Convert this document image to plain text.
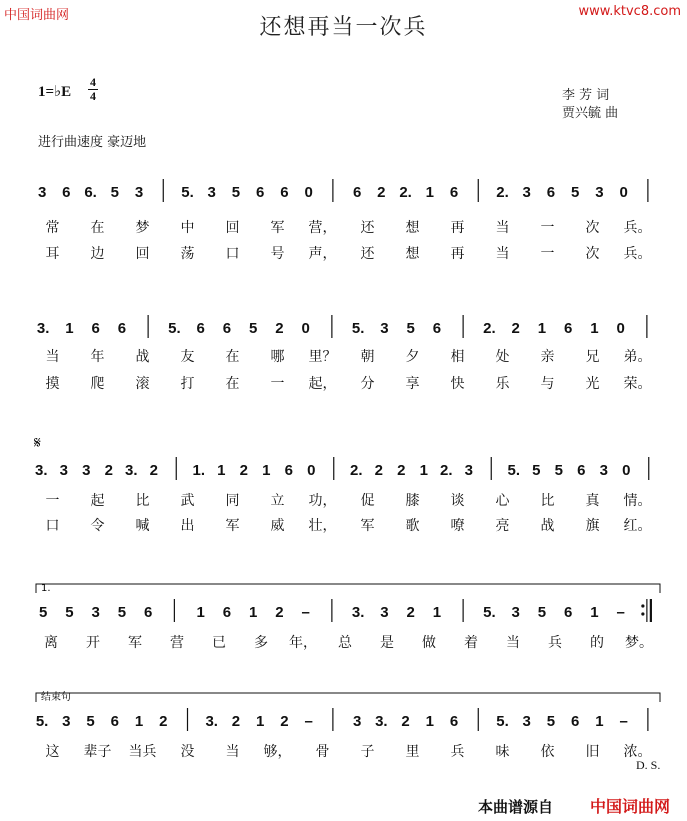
中国词曲网	www.ktvc8.com
还想再当一次兵
1=♭E
4
4	李 芳 词
贾兴毓 曲
进行曲速度 豪迈地
3 6 6. 5 3	5. 3 5 6 6 0	6 2 2. 1 6	2. 3 6 5 3 0
常 在 梦 中 回 军 营， 还 想 再 当 一 次 兵。
耳 边 回 荡 口 号 声， 还 想 再 当 一 次 兵。
3. 1 6 6	5. 6 6 5 2 0	5. 3 5 6	2. 2 1 6 1 0
当 年 战 友 在 哪 里？ 朝 夕 相 处 亲 兄 弟。
摸 爬 滚 打 在 一 起， 分 享 快 乐 与 光 荣。
𝄋
3. 3 3 2 3. 2 1. 1 2 1 6 0 2. 2 2 1 2. 3 5. 5 5 6 3 0
一 起 比 武 同 立 功， 促 膝 谈 心 比 真 情。
口 令 喊 出 军 威 壮， 军 歌 嘹 亮 战 旗 红。
1.
5 5 3 5 6	1 6 1 2 –	3. 3 2 1	5. 3 5 6 1 –
离 开 军 营 已 多 年， 总 是 做 着 当 兵 的 梦。
结束句
5. 3 5 6 1 2	3. 2 1 2 –	3 3. 2 1 6	5. 3 5 6 1 –
这 辈子 当兵 没 当 够， 骨 子 里 兵 味 依 旧 浓。
D. S.
本曲谱源自 中国词曲网
